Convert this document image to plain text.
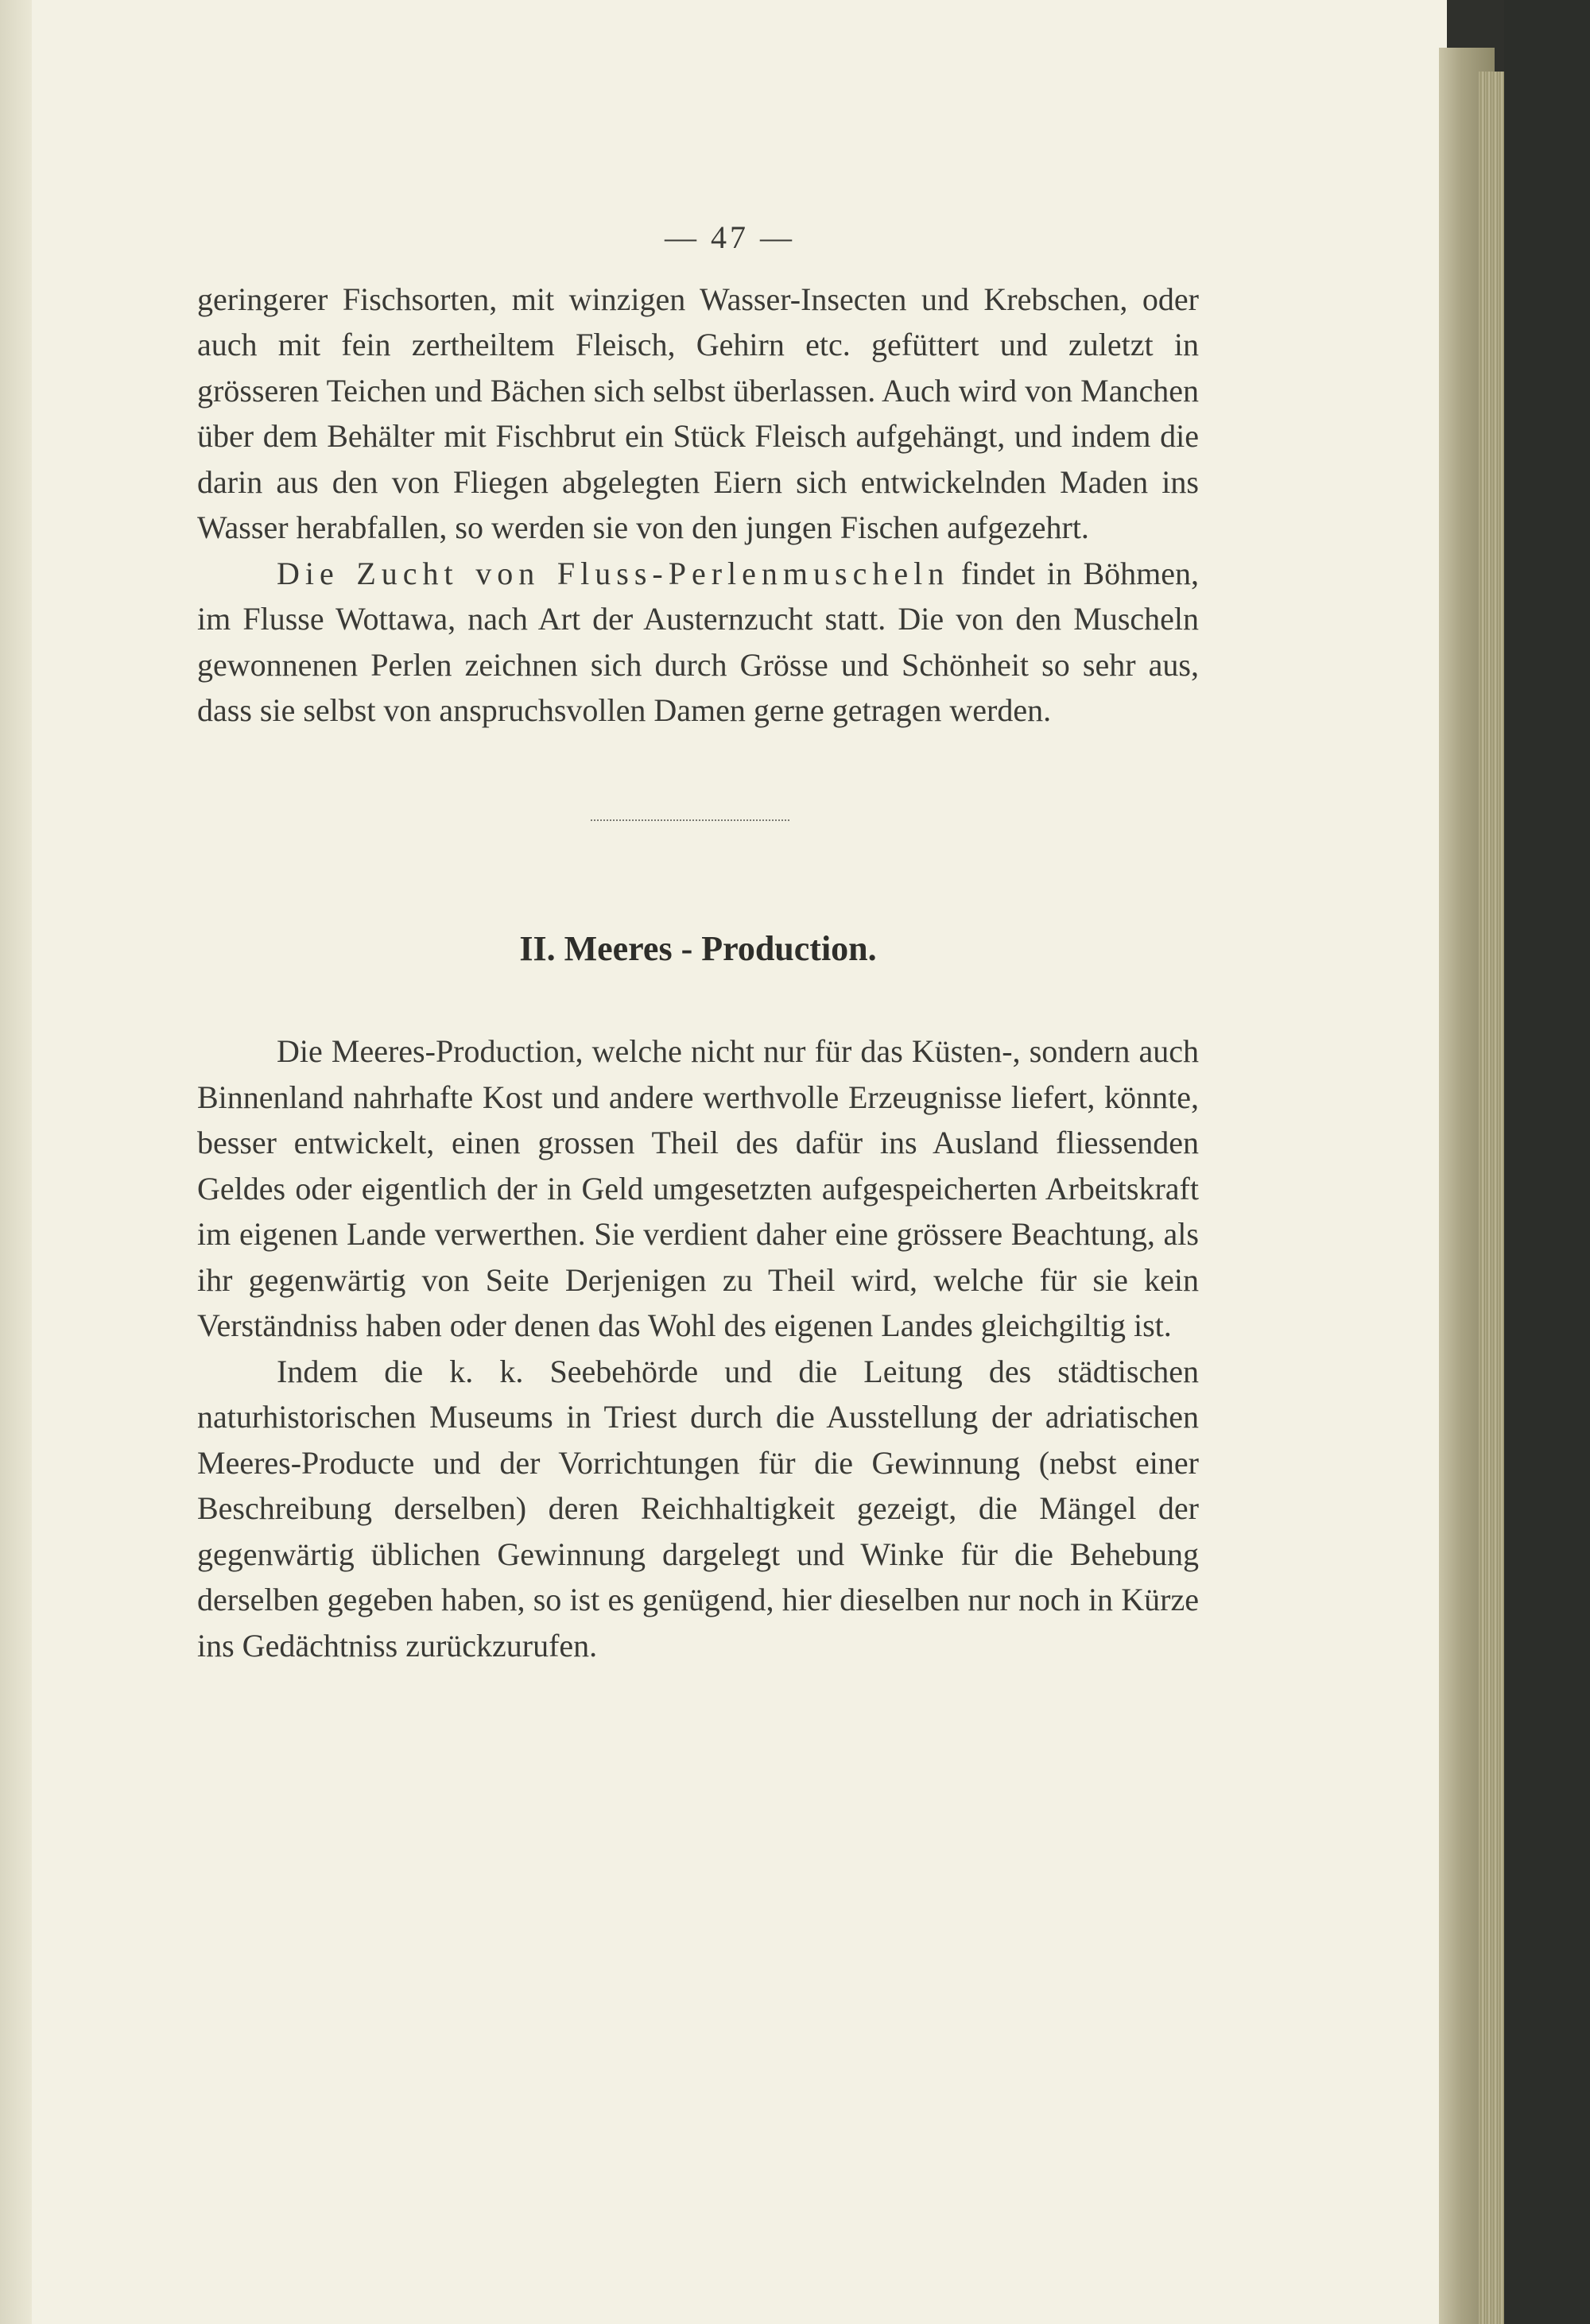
— 47 —

geringerer Fischsorten, mit winzigen Wasser-Insecten und Krebschen, oder auch mit fein zertheiltem Fleisch, Gehirn etc. gefüttert und zuletzt in grösseren Teichen und Bächen sich selbst überlassen. Auch wird von Manchen über dem Behälter mit Fischbrut ein Stück Fleisch aufgehängt, und indem die darin aus den von Fliegen abgelegten Eiern sich entwickelnden Maden ins Wasser herabfallen, so werden sie von den jungen Fischen aufgezehrt.

Die Zucht von Fluss-Perlenmuscheln findet in Böhmen, im Flusse Wottawa, nach Art der Austernzucht statt. Die von den Muscheln gewonnenen Perlen zeichnen sich durch Grösse und Schönheit so sehr aus, dass sie selbst von anspruchsvollen Damen gerne getragen werden.

II. Meeres - Production.

Die Meeres-Production, welche nicht nur für das Küsten-, sondern auch Binnenland nahrhafte Kost und andere werthvolle Erzeugnisse liefert, könnte, besser entwickelt, einen grossen Theil des dafür ins Ausland fliessenden Geldes oder eigentlich der in Geld umgesetzten aufgespeicherten Arbeitskraft im eigenen Lande verwerthen. Sie verdient daher eine grössere Beachtung, als ihr gegenwärtig von Seite Derjenigen zu Theil wird, welche für sie kein Verständniss haben oder denen das Wohl des eigenen Landes gleichgiltig ist.

Indem die k. k. Seebehörde und die Leitung des städtischen naturhistorischen Museums in Triest durch die Ausstellung der adriatischen Meeres-Producte und der Vorrichtungen für die Gewinnung (nebst einer Beschreibung derselben) deren Reichhaltigkeit gezeigt, die Mängel der gegenwärtig üblichen Gewinnung dargelegt und Winke für die Behebung derselben gegeben haben, so ist es genügend, hier dieselben nur noch in Kürze ins Gedächtniss zurückzurufen.
